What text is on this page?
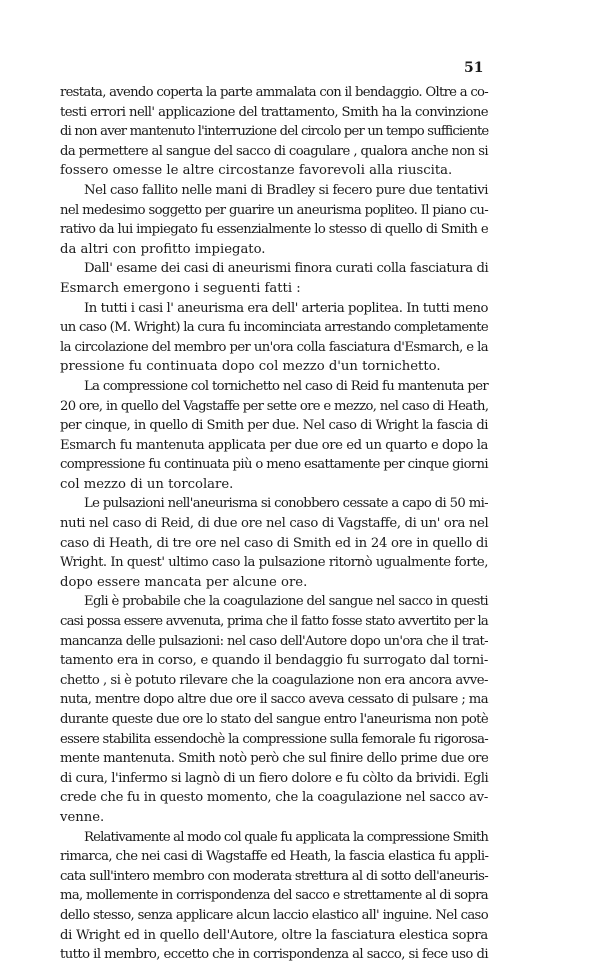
51
restata, avendo coperta la parte ammalata con il bendaggio. Oltre a co-
testi errori nell' applicazione del trattamento, Smith ha la convinzione
di non aver mantenuto l'interruzione del circolo per un tempo sufficiente
da permettere al sangue del sacco di coagulare , qualora anche non si
fossero omesse le altre circostanze favorevoli alla riuscita.
Nel caso fallito nelle mani di Bradley si fecero pure due tentativi
nel medesimo soggetto per guarire un aneurisma popliteo. Il piano cu-
rativo da lui impiegato fu essenzialmente lo stesso di quello di Smith e
da altri con profitto impiegato.
Dall' esame dei casi di aneurismi finora curati colla fasciatura di
Esmarch emergono i seguenti fatti :
In tutti i casi l' aneurisma era dell' arteria poplitea. In tutti meno
un caso (M. Wright) la cura fu incominciata arrestando completamente
la circolazione del membro per un'ora colla fasciatura d'Esmarch, e la
pressione fu continuata dopo col mezzo d'un tornichetto.
La compressione col tornichetto nel caso di Reid fu mantenuta per
20 ore, in quello del Vagstaffe per sette ore e mezzo, nel caso di Heath,
per cinque, in quello di Smith per due. Nel caso di Wright la fascia di
Esmarch fu mantenuta applicata per due ore ed un quarto e dopo la
compressione fu continuata più o meno esattamente per cinque giorni
col mezzo di un torcolare.
Le pulsazioni nell'aneurisma si conobbero cessate a capo di 50 mi-
nuti nel caso di Reid, di due ore nel caso di Vagstaffe, di un' ora nel
caso di Heath, di tre ore nel caso di Smith ed in 24 ore in quello di
Wright. In quest' ultimo caso la pulsazione ritornò ugualmente forte,
dopo essere mancata per alcune ore.
Egli è probabile che la coagulazione del sangue nel sacco in questi
casi possa essere avvenuta, prima che il fatto fosse stato avvertito per la
mancanza delle pulsazioni: nel caso dell'Autore dopo un'ora che il trat-
tamento era in corso, e quando il bendaggio fu surrogato dal torni-
chetto , si è potuto rilevare che la coagulazione non era ancora avve-
nuta, mentre dopo altre due ore il sacco aveva cessato di pulsare ; ma
durante queste due ore lo stato del sangue entro l'aneurisma non potè
essere stabilita essendochè la compressione sulla femorale fu rigorosa-
mente mantenuta. Smith notò però che sul finire dello prime due ore
di cura, l'infermo si lagnò di un fiero dolore e fu còlto da brividi. Egli
crede che fu in questo momento, che la coagulazione nel sacco av-
venne.
Relativamente al modo col quale fu applicata la compressione Smith
rimarca, che nei casi di Wagstaffe ed Heath, la fascia elastica fu appli-
cata sull'intero membro con moderata strettura al di sotto dell'aneuris-
ma, mollemente in corrispondenza del sacco e strettamente al di sopra
dello stesso, senza applicare alcun laccio elastico all' inguine. Nel caso
di Wright ed in quello dell'Autore, oltre la fasciatura elestica sopra
tutto il membro, eccetto che in corrispondenza al sacco, si fece uso di
